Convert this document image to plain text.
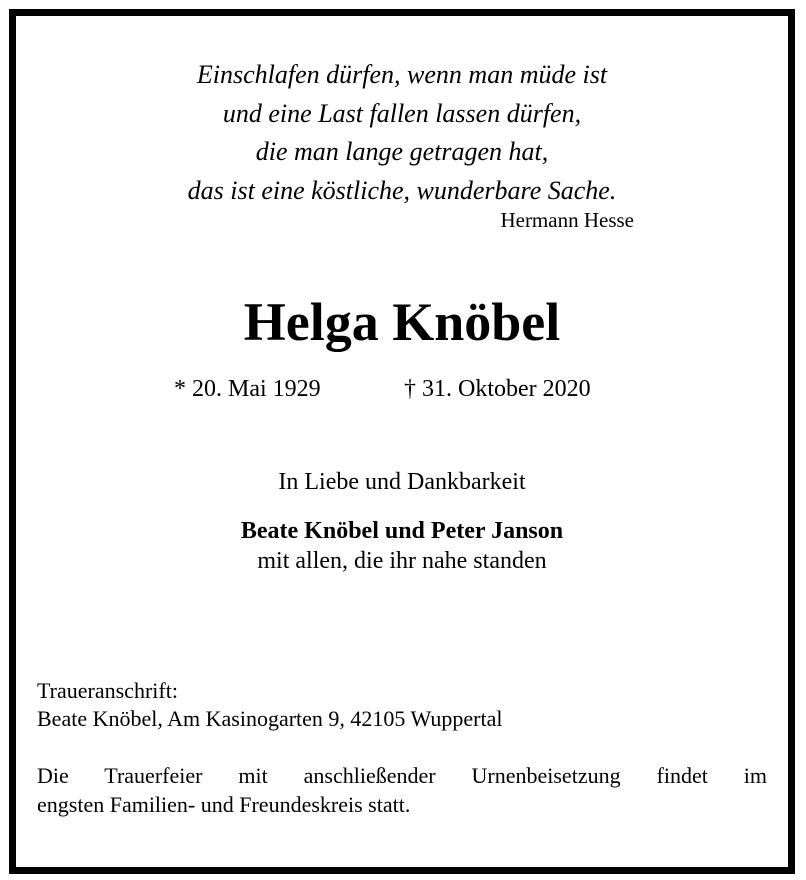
Einschlafen dürfen, wenn man müde ist
und eine Last fallen lassen dürfen,
die man lange getragen hat,
das ist eine köstliche, wunderbare Sache.
Hermann Hesse
Helga Knöbel
* 20. Mai 1929	† 31. Oktober 2020
In Liebe und Dankbarkeit
Beate Knöbel und Peter Janson
mit allen, die ihr nahe standen
Traueranschrift:
Beate Knöbel, Am Kasinogarten 9, 42105 Wuppertal
Die Trauerfeier mit anschließender Urnenbeisetzung findet im
engsten Familien- und Freundeskreis statt.
